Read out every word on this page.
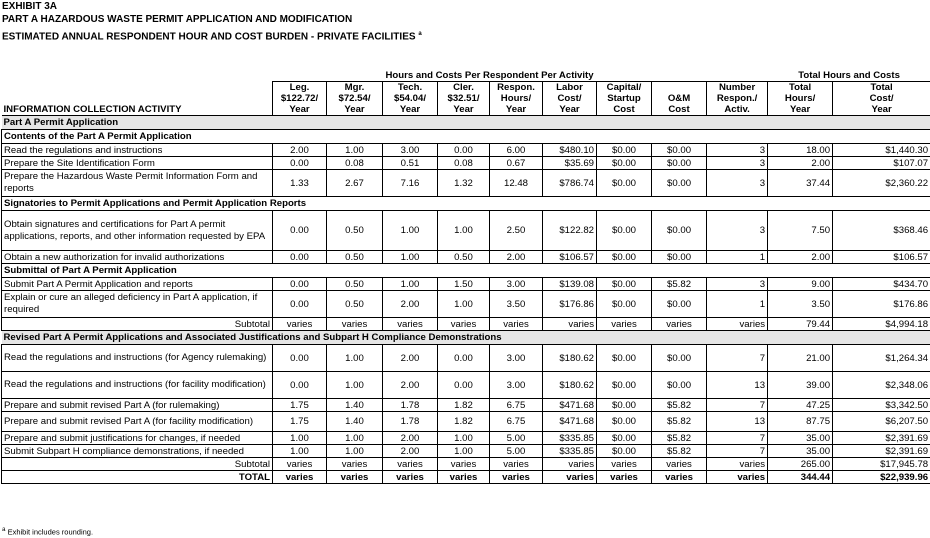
EXHIBIT 3A
PART A HAZARDOUS WASTE PERMIT APPLICATION AND MODIFICATION
ESTIMATED ANNUAL RESPONDENT HOUR AND COST BURDEN - PRIVATE FACILITIES $^a$
	Hours and Costs Per Respondent Per Activity									Total Hours and Costs	
	Leg.	Mgr.	Tech.	Cler.	Respon.	Labor	Capital/		Number	Total	Total
	$122.72/	$72.54/	$54.04/	$32.51/	Hours/	Cost/	Startup	O&M	Respon./	Hours/	Cost/
INFORMATION COLLECTION ACTIVITY	Year	Year	Year	Year	Year	Year	Cost	Cost	Activ.	Year	Year
Part A Permit Application											
Contents of the Part A Permit Application											
Read the regulations and instructions	2.00	1.00	3.00	0.00	6.00	$480.10	$0.00	$0.00	3	18.00	$1,440.30
Prepare the Site Identification Form	0.00	0.08	0.51	0.08	0.67	$35.69	$0.00	$0.00	3	2.00	$107.07
Prepare the Hazardous Waste Permit Information Form and reports	1.33	2.67	7.16	1.32	12.48	$786.74	$0.00	$0.00	3	37.44	$2,360.22
Signatories to Permit Applications and Permit Application Reports											
Obtain signatures and certifications for Part A permit applications, reports, and other information requested by EPA	0.00	0.50	1.00	1.00	2.50	$122.82	$0.00	$0.00	3	7.50	$368.46
Obtain a new authorization for invalid authorizations	0.00	0.50	1.00	0.50	2.00	$106.57	$0.00	$0.00	1	2.00	$106.57
Submittal of Part A Permit Application											
Submit Part A Permit Application and reports	0.00	0.50	1.00	1.50	3.00	$139.08	$0.00	$5.82	3	9.00	$434.70
Explain or cure an alleged deficiency in Part A application, if required	0.00	0.50	2.00	1.00	3.50	$176.86	$0.00	$0.00	1	3.50	$176.86
Subtotal	varies	varies	varies	varies	varies	varies	varies	varies	varies	79.44	$4,994.18
Revised Part A Permit Applications and Associated Justifications and Subpart H Compliance Demonstrations											
Read the regulations and instructions (for Agency rulemaking)	0.00	1.00	2.00	0.00	3.00	$180.62	$0.00	$0.00	7	21.00	$1,264.34
Read the regulations and instructions (for facility modification)	0.00	1.00	2.00	0.00	3.00	$180.62	$0.00	$0.00	13	39.00	$2,348.06
Prepare and submit revised Part A (for rulemaking)	1.75	1.40	1.78	1.82	6.75	$471.68	$0.00	$5.82	7	47.25	$3,342.50
Prepare and submit revised Part A (for facility modification)	1.75	1.40	1.78	1.82	6.75	$471.68	$0.00	$5.82	13	87.75	$6,207.50
Prepare and submit justifications for changes, if needed	1.00	1.00	2.00	1.00	5.00	$335.85	$0.00	$5.82	7	35.00	$2,391.69
Submit Subpart H compliance demonstrations, if needed	1.00	1.00	2.00	1.00	5.00	$335.85	$0.00	$5.82	7	35.00	$2,391.69
Subtotal	varies	varies	varies	varies	varies	varies	varies	varies	varies	265.00	$17,945.78
TOTAL	varies	varies	varies	varies	varies	varies	varies	varies	varies	344.44	$22,939.96
$^a$ Exhibit includes rounding.
